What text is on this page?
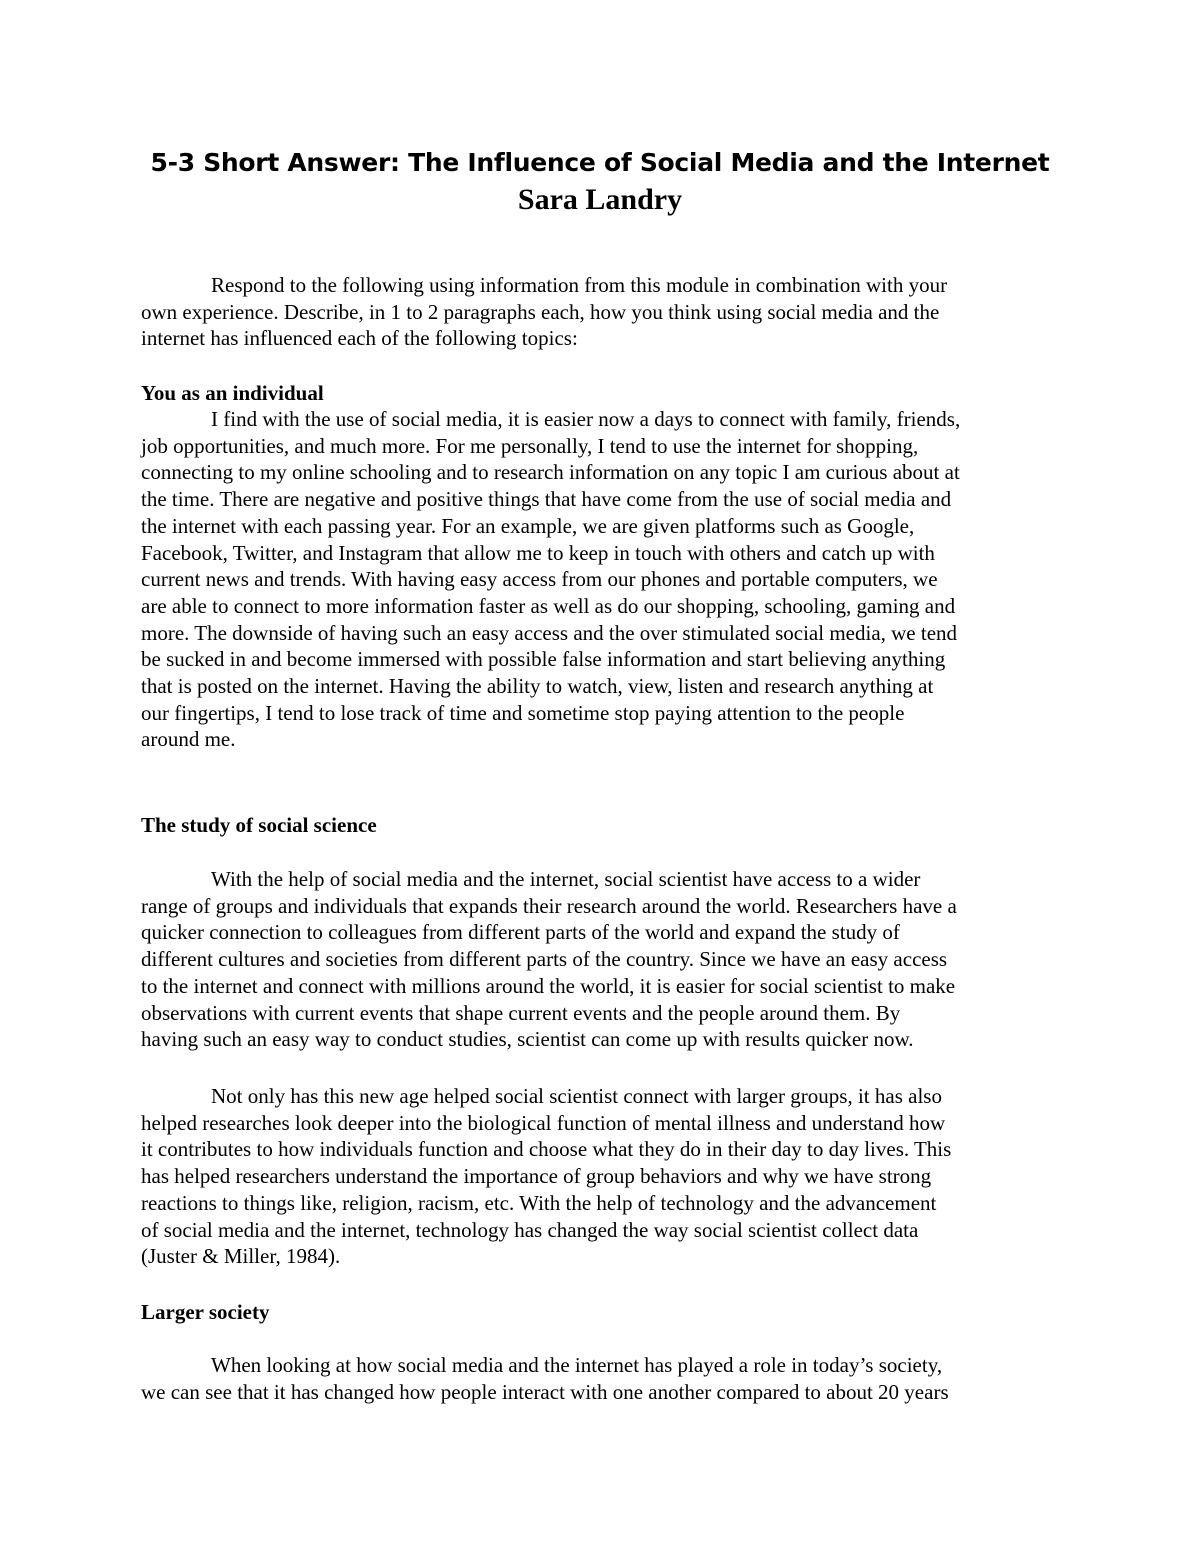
5-3 Short Answer: The Influence of Social Media and the Internet
Sara Landry
Respond to the following using information from this module in combination with your
own experience. Describe, in 1 to 2 paragraphs each, how you think using social media and the
internet has influenced each of the following topics:
You as an individual
I find with the use of social media, it is easier now a days to connect with family, friends,
job opportunities, and much more. For me personally, I tend to use the internet for shopping,
connecting to my online schooling and to research information on any topic I am curious about at
the time. There are negative and positive things that have come from the use of social media and
the internet with each passing year. For an example, we are given platforms such as Google,
Facebook, Twitter, and Instagram that allow me to keep in touch with others and catch up with
current news and trends. With having easy access from our phones and portable computers, we
are able to connect to more information faster as well as do our shopping, schooling, gaming and
more. The downside of having such an easy access and the over stimulated social media, we tend
be sucked in and become immersed with possible false information and start believing anything
that is posted on the internet. Having the ability to watch, view, listen and research anything at
our fingertips, I tend to lose track of time and sometime stop paying attention to the people
around me.
The study of social science
With the help of social media and the internet, social scientist have access to a wider
range of groups and individuals that expands their research around the world. Researchers have a
quicker connection to colleagues from different parts of the world and expand the study of
different cultures and societies from different parts of the country. Since we have an easy access
to the internet and connect with millions around the world, it is easier for social scientist to make
observations with current events that shape current events and the people around them. By
having such an easy way to conduct studies, scientist can come up with results quicker now.
Not only has this new age helped social scientist connect with larger groups, it has also
helped researches look deeper into the biological function of mental illness and understand how
it contributes to how individuals function and choose what they do in their day to day lives. This
has helped researchers understand the importance of group behaviors and why we have strong
reactions to things like, religion, racism, etc. With the help of technology and the advancement
of social media and the internet, technology has changed the way social scientist collect data
(Juster & Miller, 1984).
Larger society
When looking at how social media and the internet has played a role in today’s society,
we can see that it has changed how people interact with one another compared to about 20 years
